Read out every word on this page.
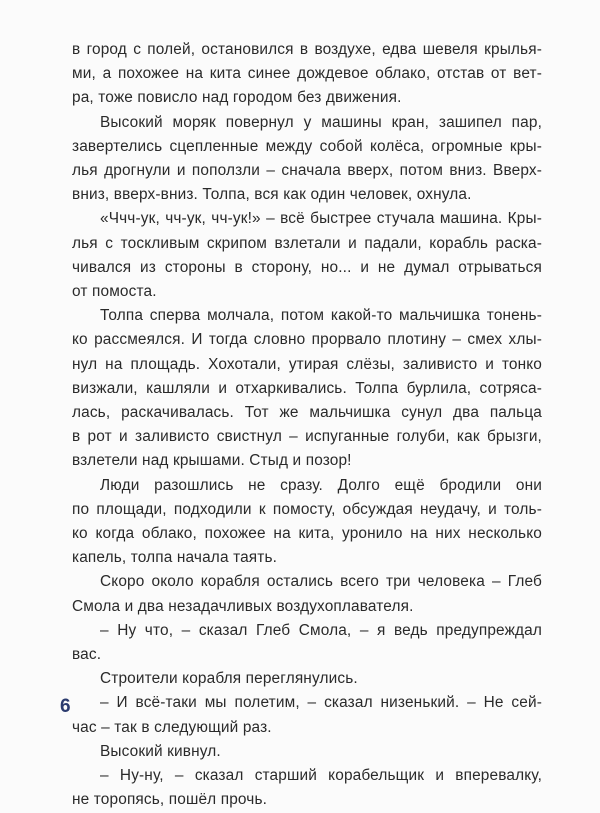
в город с полей, остановился в воздухе, едва шевеля крылья-
ми, а похожее на кита синее дождевое облако, отстав от вет-
ра, тоже повисло над городом без движения.
Высокий моряк повернул у машины кран, зашипел пар,
завертелись сцепленные между собой колёса, огромные кры-
лья дрогнули и поползли – сначала вверх, потом вниз. Вверх-
вниз, вверх-вниз. Толпа, вся как один человек, охнула.
«Ччч-ук, чч-ук, чч-ук!» – всё быстрее стучала машина. Кры-
лья с тоскливым скрипом взлетали и падали, корабль раска-
чивался из стороны в сторону, но... и не думал отрываться
от помоста.
Толпа сперва молчала, потом какой-то мальчишка тонень-
ко рассмеялся. И тогда словно прорвало плотину – смех хлы-
нул на площадь. Хохотали, утирая слёзы, заливисто и тонко
визжали, кашляли и отхаркивались. Толпа бурлила, сотряса-
лась, раскачивалась. Тот же мальчишка сунул два пальца
в рот и заливисто свистнул – испуганные голуби, как брызги,
взлетели над крышами. Стыд и позор!
Люди разошлись не сразу. Долго ещё бродили они
по площади, подходили к помосту, обсуждая неудачу, и толь-
ко когда облако, похожее на кита, уронило на них несколько
капель, толпа начала таять.
Скоро около корабля остались всего три человека – Глеб
Смола и два незадачливых воздухоплавателя.
– Ну что, – сказал Глеб Смола, – я ведь предупреждал
вас.
Строители корабля переглянулись.
– И всё-таки мы полетим, – сказал низенький. – Не сей-
час – так в следующий раз.
Высокий кивнул.
– Ну-ну, – сказал старший корабельщик и вперевалку,
не торопясь, пошёл прочь.
6
